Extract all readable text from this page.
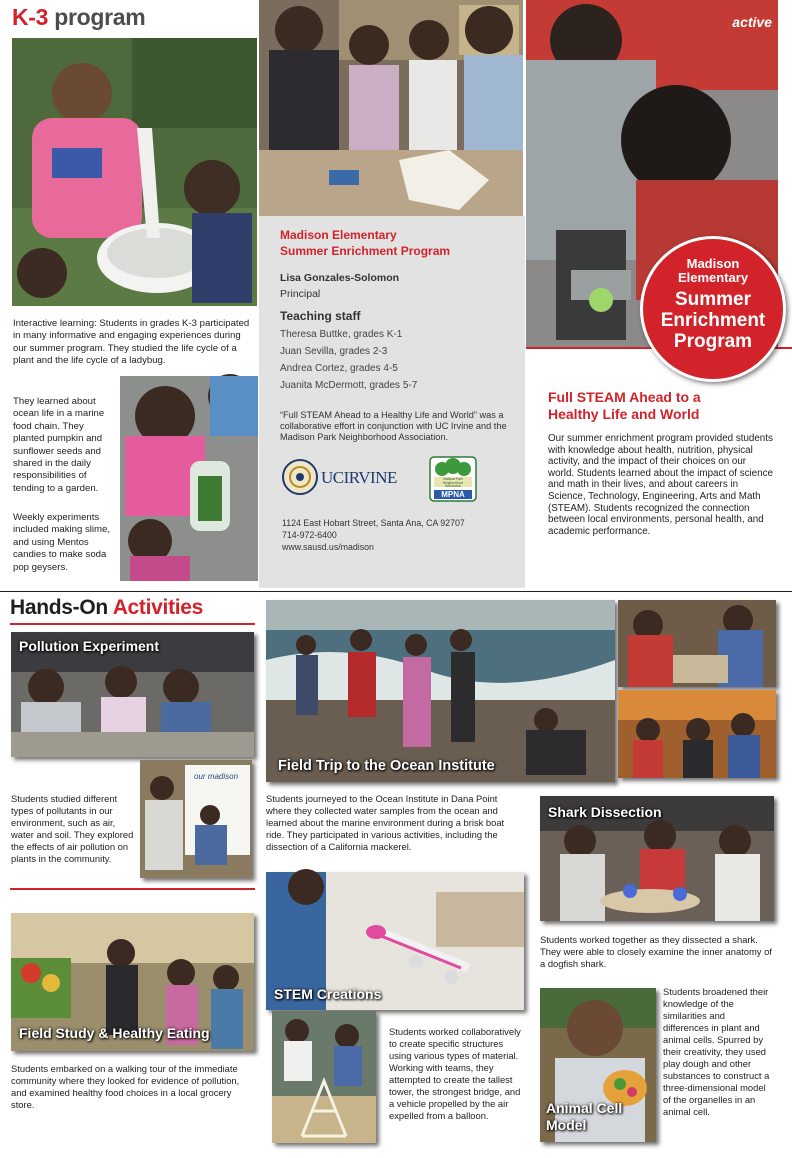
K-3 program	active
Interactive learning: Students in grades K-3 participated in many informative and engaging experiences during our summer program. They studied the life cycle of a plant and the life cycle of a ladybug.
They learned about ocean life in a marine food chain. They planted pumpkin and sunflower seeds and shared in the daily responsibilities of tending to a garden.
Weekly experiments included making slime, and using Mentos candies to make soda pop geysers.
Madison Elementary
Summer Enrichment Program
Lisa Gonzales-Solomon
Principal
Teaching staff
Theresa Buttke, grades K-1
Juan Sevilla, grades 2-3
Andrea Cortez, grades 4-5
Juanita McDermott, grades 5-7
“Full STEAM Ahead to a Healthy Life and World” was a collaborative effort in conjunction with UC Irvine and the Madison Park Neighborhood Association.
UCIRVINE	Madison Park Neighborhood Association
MPNA
1124 East Hobart Street, Santa Ana, CA 92707
714-972-6400
www.sausd.us/madison
Madison
Elementary
Summer
Enrichment
Program
Full STEAM Ahead to a Healthy Life and World
Our summer enrichment program provided students with knowledge about health, nutrition, physical activity, and the impact of their choices on our world. Students learned about the impact of science and math in their lives, and about careers in Science, Technology, Engineering, Arts and Math (STEAM). Students recognized the connection between local environments, personal health, and academic performance.
Hands-On Activities
Pollution Experiment
our madison
Students studied different types of pollutants in our environment, such as air, water and soil. They explored the effects of air pollution on plants in the community.
Field Study & Healthy Eating
Students embarked on a walking tour of the immediate community where they looked for evidence of pollution, and examined healthy food choices in a local grocery store.
Field Trip to the Ocean Institute
Students journeyed to the Ocean Institute in Dana Point where they collected water samples from the ocean and learned about the marine environment during a brisk boat ride. They participated in various activities, including the dissection of a California mackerel.
Shark Dissection
Students worked together as they dissected a shark. They were able to closely examine the inner anatomy of a dogfish shark.
STEM Creations
Students worked collaboratively to create specific structures using various types of material. Working with teams, they attempted to create the tallest tower, the strongest bridge, and a vehicle propelled by the air expelled from a balloon.	Animal Cell Model
Students broadened their knowledge of the similarities and differences in plant and animal cells. Spurred by their creativity, they used play dough and other substances to construct a three-dimensional model of the organelles in an animal cell.
